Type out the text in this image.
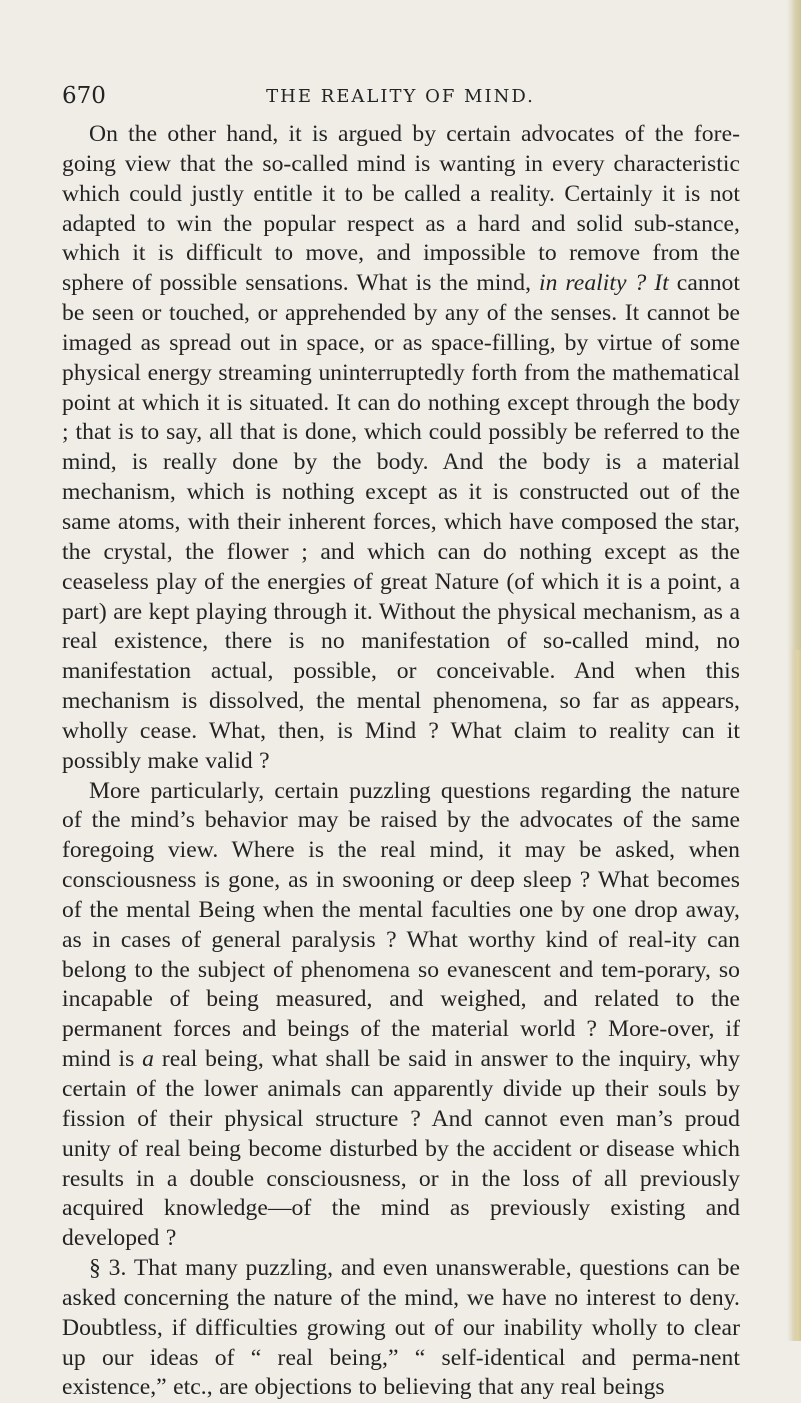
670	THE REALITY OF MIND.

On the other hand, it is argued by certain advocates of the fore-going view that the so-called mind is wanting in every characteristic which could justly entitle it to be called a reality. Certainly it is not adapted to win the popular respect as a hard and solid sub-stance, which it is difficult to move, and impossible to remove from the sphere of possible sensations. What is the mind, in reality ? It cannot be seen or touched, or apprehended by any of the senses. It cannot be imaged as spread out in space, or as space-filling, by virtue of some physical energy streaming uninterruptedly forth from the mathematical point at which it is situated. It can do nothing except through the body ; that is to say, all that is done, which could possibly be referred to the mind, is really done by the body. And the body is a material mechanism, which is nothing except as it is constructed out of the same atoms, with their inherent forces, which have composed the star, the crystal, the flower ; and which can do nothing except as the ceaseless play of the energies of great Nature (of which it is a point, a part) are kept playing through it. Without the physical mechanism, as a real existence, there is no manifestation of so-called mind, no manifestation actual, possible, or conceivable. And when this mechanism is dissolved, the mental phenomena, so far as appears, wholly cease. What, then, is Mind ? What claim to reality can it possibly make valid ?

More particularly, certain puzzling questions regarding the nature of the mind’s behavior may be raised by the advocates of the same foregoing view. Where is the real mind, it may be asked, when consciousness is gone, as in swooning or deep sleep ? What becomes of the mental Being when the mental faculties one by one drop away, as in cases of general paralysis ? What worthy kind of real-ity can belong to the subject of phenomena so evanescent and tem-porary, so incapable of being measured, and weighed, and related to the permanent forces and beings of the material world ? More-over, if mind is a real being, what shall be said in answer to the inquiry, why certain of the lower animals can apparently divide up their souls by fission of their physical structure ? And cannot even man’s proud unity of real being become disturbed by the accident or disease which results in a double consciousness, or in the loss of all previously acquired knowledge—of the mind as previously existing and developed ?

§ 3. That many puzzling, and even unanswerable, questions can be asked concerning the nature of the mind, we have no interest to deny. Doubtless, if difficulties growing out of our inability wholly to clear up our ideas of “ real being,” “ self-identical and perma-nent existence,” etc., are objections to believing that any real beings
